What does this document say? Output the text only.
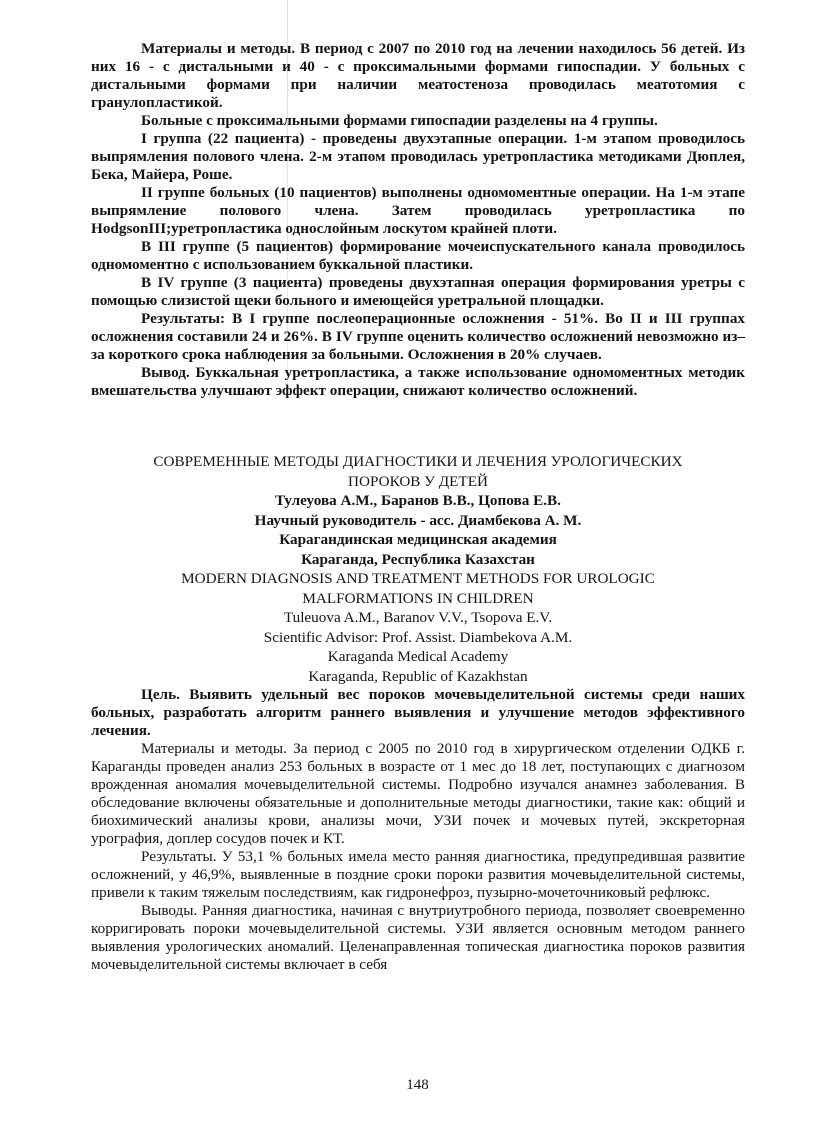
Материалы и методы. В период с 2007 по 2010 год на лечении находилось 56 детей. Из них 16 - с дистальными и 40 - с проксимальными формами гипоспадии. У больных с дистальными формами при наличии меатостеноза проводилась меатотомия с гранулопластикой.

Больные с проксимальными формами гипоспадии разделены на 4 группы.

I группа (22 пациента) - проведены двухэтапные операции. 1-м этапом проводилось выпрямления полового члена. 2-м этапом проводилась уретропластика методиками Дюплея, Бека, Майера, Роше.

II группе больных (10 пациентов) выполнены одномоментные операции. На 1-м этапе выпрямление полового члена. Затем проводилась уретропластика по HodgsonIII;уретропластика однослойным лоскутом крайней плоти.

В III группе (5 пациентов) формирование мочеиспускательного канала проводилось одномоментно с использованием буккальной пластики.

В IV группе (3 пациента) проведены двухэтапная операция формирования уретры с помощью слизистой щеки больного и имеющейся уретральной площадки.

Результаты: В I группе послеоперационные осложнения - 51%. Во II и III группах осложнения составили 24 и 26%. В IV группе оценить количество осложнений невозможно из–за короткого срока наблюдения за больными. Осложнения в 20% случаев.

Вывод. Буккальная уретропластика, а также использование одномоментных методик вмешательства улучшают эффект операции, снижают количество осложнений.

СОВРЕМЕННЫЕ МЕТОДЫ ДИАГНОСТИКИ И ЛЕЧЕНИЯ УРОЛОГИЧЕСКИХ

ПОРОКОВ У ДЕТЕЙ

Тулеуова А.М., Баранов В.В., Цопова Е.В.

Научный руководитель - асс. Диамбекова А. М.

Карагандинская медицинская академия

Караганда, Республика Казахстан

MODERN DIAGNOSIS AND TREATMENT METHODS FOR UROLOGIC

MALFORMATIONS IN CHILDREN

Tuleuova A.M., Baranov V.V., Tsopova E.V.

Scientific Advisor: Prof. Assist. Diambekova A.M.

Karaganda Medical Academy

Karaganda, Republic of Kazakhstan

Цель. Выявить удельный вес пороков мочевыделительной системы среди наших больных, разработать алгоритм раннего выявления и улучшение методов эффективного лечения.

Материалы и методы. За период с 2005 по 2010 год в хирургическом отделении ОДКБ г. Караганды проведен анализ 253 больных в возрасте от 1 мес до 18 лет, поступающих с диагнозом врожденная аномалия мочевыделительной системы. Подробно изучался анамнез заболевания. В обследование включены обязательные и дополнительные методы диагностики, такие как: общий и биохимический анализы крови, анализы мочи, УЗИ почек и мочевых путей, экскреторная урография, доплер сосудов почек и КТ.

Результаты. У 53,1 % больных имела место ранняя диагностика, предупредившая развитие осложнений, у 46,9%, выявленные в поздние сроки пороки развития мочевыделительной системы, привели к таким тяжелым последствиям, как гидронефроз, пузырно-мочеточниковый рефлюкс.

Выводы. Ранняя диагностика, начиная с внутриутробного периода, позволяет своевременно корригировать пороки мочевыделительной системы. УЗИ является основным методом раннего выявления урологических аномалий. Целенаправленная топическая диагностика пороков развития мочевыделительной системы включает в себя

148
